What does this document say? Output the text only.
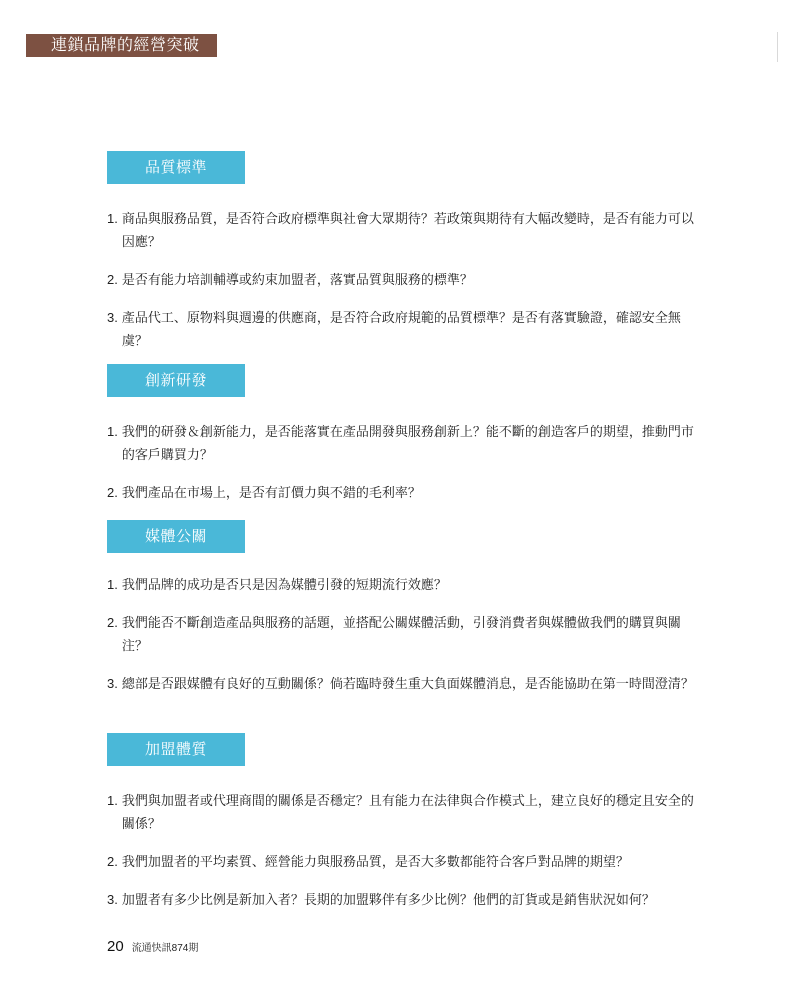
連鎖品牌的經營突破
品質標準
1. 商品與服務品質，是否符合政府標準與社會大眾期待？若政策與期待有大幅改變時，是否有能力可以因應？
2. 是否有能力培訓輔導或約束加盟者，落實品質與服務的標準？
3. 產品代工、原物料與週邊的供應商，是否符合政府規範的品質標準？是否有落實驗證，確認安全無虞？
創新研發
1. 我們的研發＆創新能力，是否能落實在產品開發與服務創新上？能不斷的創造客戶的期望，推動門市的客戶購買力？
2. 我們產品在市場上，是否有訂價力與不錯的毛利率？
媒體公關
1. 我們品牌的成功是否只是因為媒體引發的短期流行效應？
2. 我們能否不斷創造產品與服務的話題，並搭配公關媒體活動，引發消費者與媒體做我們的購買與關注？
3. 總部是否跟媒體有良好的互動關係？倘若臨時發生重大負面媒體消息，是否能協助在第一時間澄清？
加盟體質
1. 我們與加盟者或代理商間的關係是否穩定？且有能力在法律與合作模式上，建立良好的穩定且安全的關係？
2. 我們加盟者的平均素質、經營能力與服務品質，是否大多數都能符合客戶對品牌的期望？
3. 加盟者有多少比例是新加入者？長期的加盟夥伴有多少比例？他們的訂貨或是銷售狀況如何？
20 流通快訊874期
